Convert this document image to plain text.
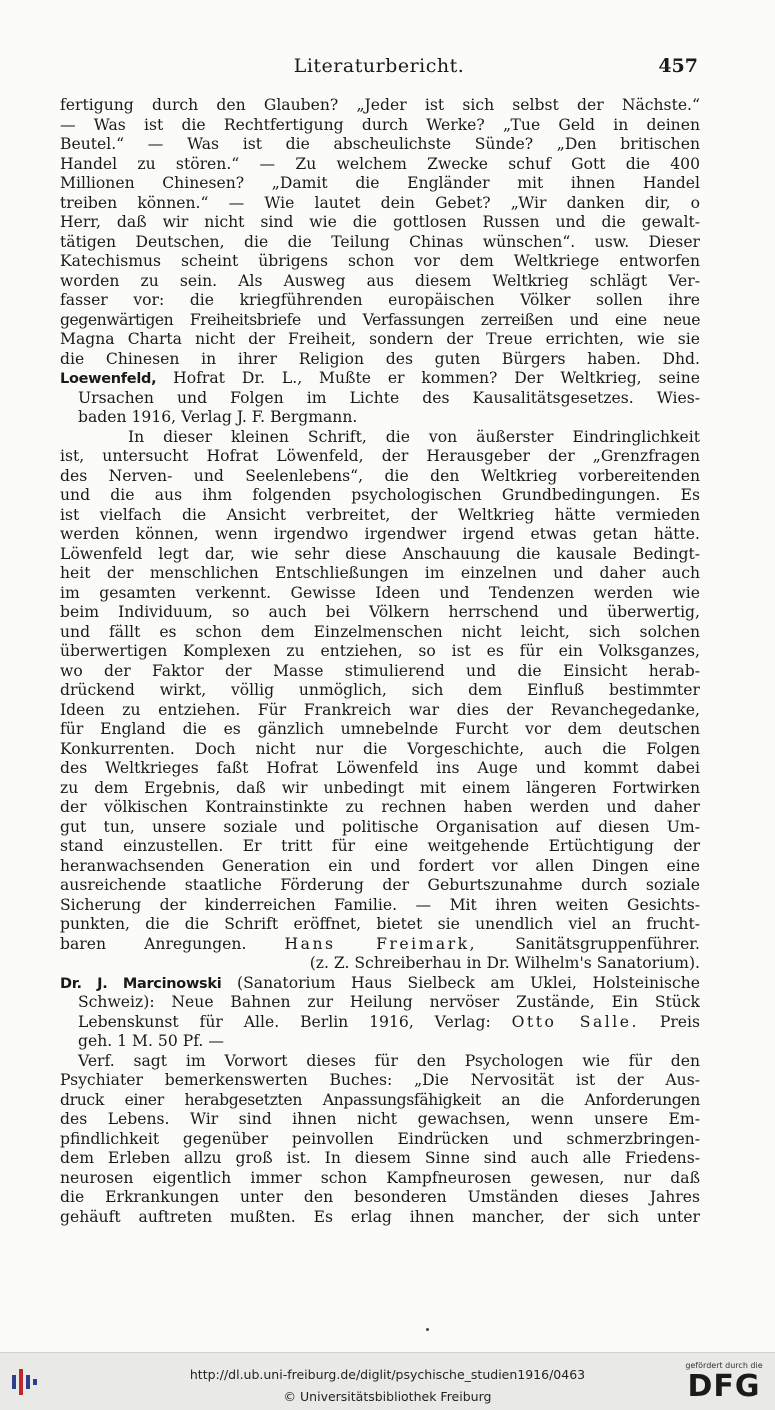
Literaturbericht.	457
fertigung durch den Glauben? „Jeder ist sich selbst der Nächste.“
— Was ist die Rechtfertigung durch Werke? „Tue Geld in deinen
Beutel.“ — Was ist die abscheulichste Sünde? „Den britischen
Handel zu stören.“ — Zu welchem Zwecke schuf Gott die 400
Millionen Chinesen? „Damit die Engländer mit ihnen Handel
treiben können.“ — Wie lautet dein Gebet? „Wir danken dir, o
Herr, daß wir nicht sind wie die gottlosen Russen und die gewalt-
tätigen Deutschen, die die Teilung Chinas wünschen“. usw. Dieser
Katechismus scheint übrigens schon vor dem Weltkriege entworfen
worden zu sein. Als Ausweg aus diesem Weltkrieg schlägt Ver-
fasser vor: die kriegführenden europäischen Völker sollen ihre
gegenwärtigen Freiheitsbriefe und Verfassungen zerreißen und eine neue
Magna Charta nicht der Freiheit, sondern der Treue errichten, wie sie
die Chinesen in ihrer Religion des guten Bürgers haben. Dhd.
Loewenfeld, Hofrat Dr. L., Mußte er kommen? Der Weltkrieg, seine
Ursachen und Folgen im Lichte des Kausalitätsgesetzes. Wies-
baden 1916, Verlag J. F. Bergmann.
In dieser kleinen Schrift, die von äußerster Eindringlichkeit
ist, untersucht Hofrat Löwenfeld, der Herausgeber der „Grenzfragen
des Nerven- und Seelenlebens“, die den Weltkrieg vorbereitenden
und die aus ihm folgenden psychologischen Grundbedingungen. Es
ist vielfach die Ansicht verbreitet, der Weltkrieg hätte vermieden
werden können, wenn irgendwo irgendwer irgend etwas getan hätte.
Löwenfeld legt dar, wie sehr diese Anschauung die kausale Bedingt-
heit der menschlichen Entschließungen im einzelnen und daher auch
im gesamten verkennt. Gewisse Ideen und Tendenzen werden wie
beim Individuum, so auch bei Völkern herrschend und überwertig,
und fällt es schon dem Einzelmenschen nicht leicht, sich solchen
überwertigen Komplexen zu entziehen, so ist es für ein Volksganzes,
wo der Faktor der Masse stimulierend und die Einsicht herab-
drückend wirkt, völlig unmöglich, sich dem Einfluß bestimmter
Ideen zu entziehen. Für Frankreich war dies der Revanchegedanke,
für England die es gänzlich umnebelnde Furcht vor dem deutschen
Konkurrenten. Doch nicht nur die Vorgeschichte, auch die Folgen
des Weltkrieges faßt Hofrat Löwenfeld ins Auge und kommt dabei
zu dem Ergebnis, daß wir unbedingt mit einem längeren Fortwirken
der völkischen Kontrainstinkte zu rechnen haben werden und daher
gut tun, unsere soziale und politische Organisation auf diesen Um-
stand einzustellen. Er tritt für eine weitgehende Ertüchtigung der
heranwachsenden Generation ein und fordert vor allen Dingen eine
ausreichende staatliche Förderung der Geburtszunahme durch soziale
Sicherung der kinderreichen Familie. — Mit ihren weiten Gesichts-
punkten, die die Schrift eröffnet, bietet sie unendlich viel an frucht-
baren Anregungen. Hans Freimark, Sanitätsgruppenführer.
(z. Z. Schreiberhau in Dr. Wilhelm's Sanatorium).
Dr. J. Marcinowski (Sanatorium Haus Sielbeck am Uklei, Holsteinische
Schweiz): Neue Bahnen zur Heilung nervöser Zustände, Ein Stück
Lebenskunst für Alle. Berlin 1916, Verlag: Otto Salle. Preis
geh. 1 M. 50 Pf. —
Verf. sagt im Vorwort dieses für den Psychologen wie für den
Psychiater bemerkenswerten Buches: „Die Nervosität ist der Aus-
druck einer herabgesetzten Anpassungsfähigkeit an die Anforderungen
des Lebens. Wir sind ihnen nicht gewachsen, wenn unsere Em-
pfindlichkeit gegenüber peinvollen Eindrücken und schmerzbringen-
dem Erleben allzu groß ist. In diesem Sinne sind auch alle Friedens-
neurosen eigentlich immer schon Kampfneurosen gewesen, nur daß
die Erkrankungen unter den besonderen Umständen dieses Jahres
gehäuft auftreten mußten. Es erlag ihnen mancher, der sich unter
http://dl.ub.uni-freiburg.de/diglit/psychische_studien1916/0463
© Universitätsbibliothek Freiburg
gefördert durch die
DFG
